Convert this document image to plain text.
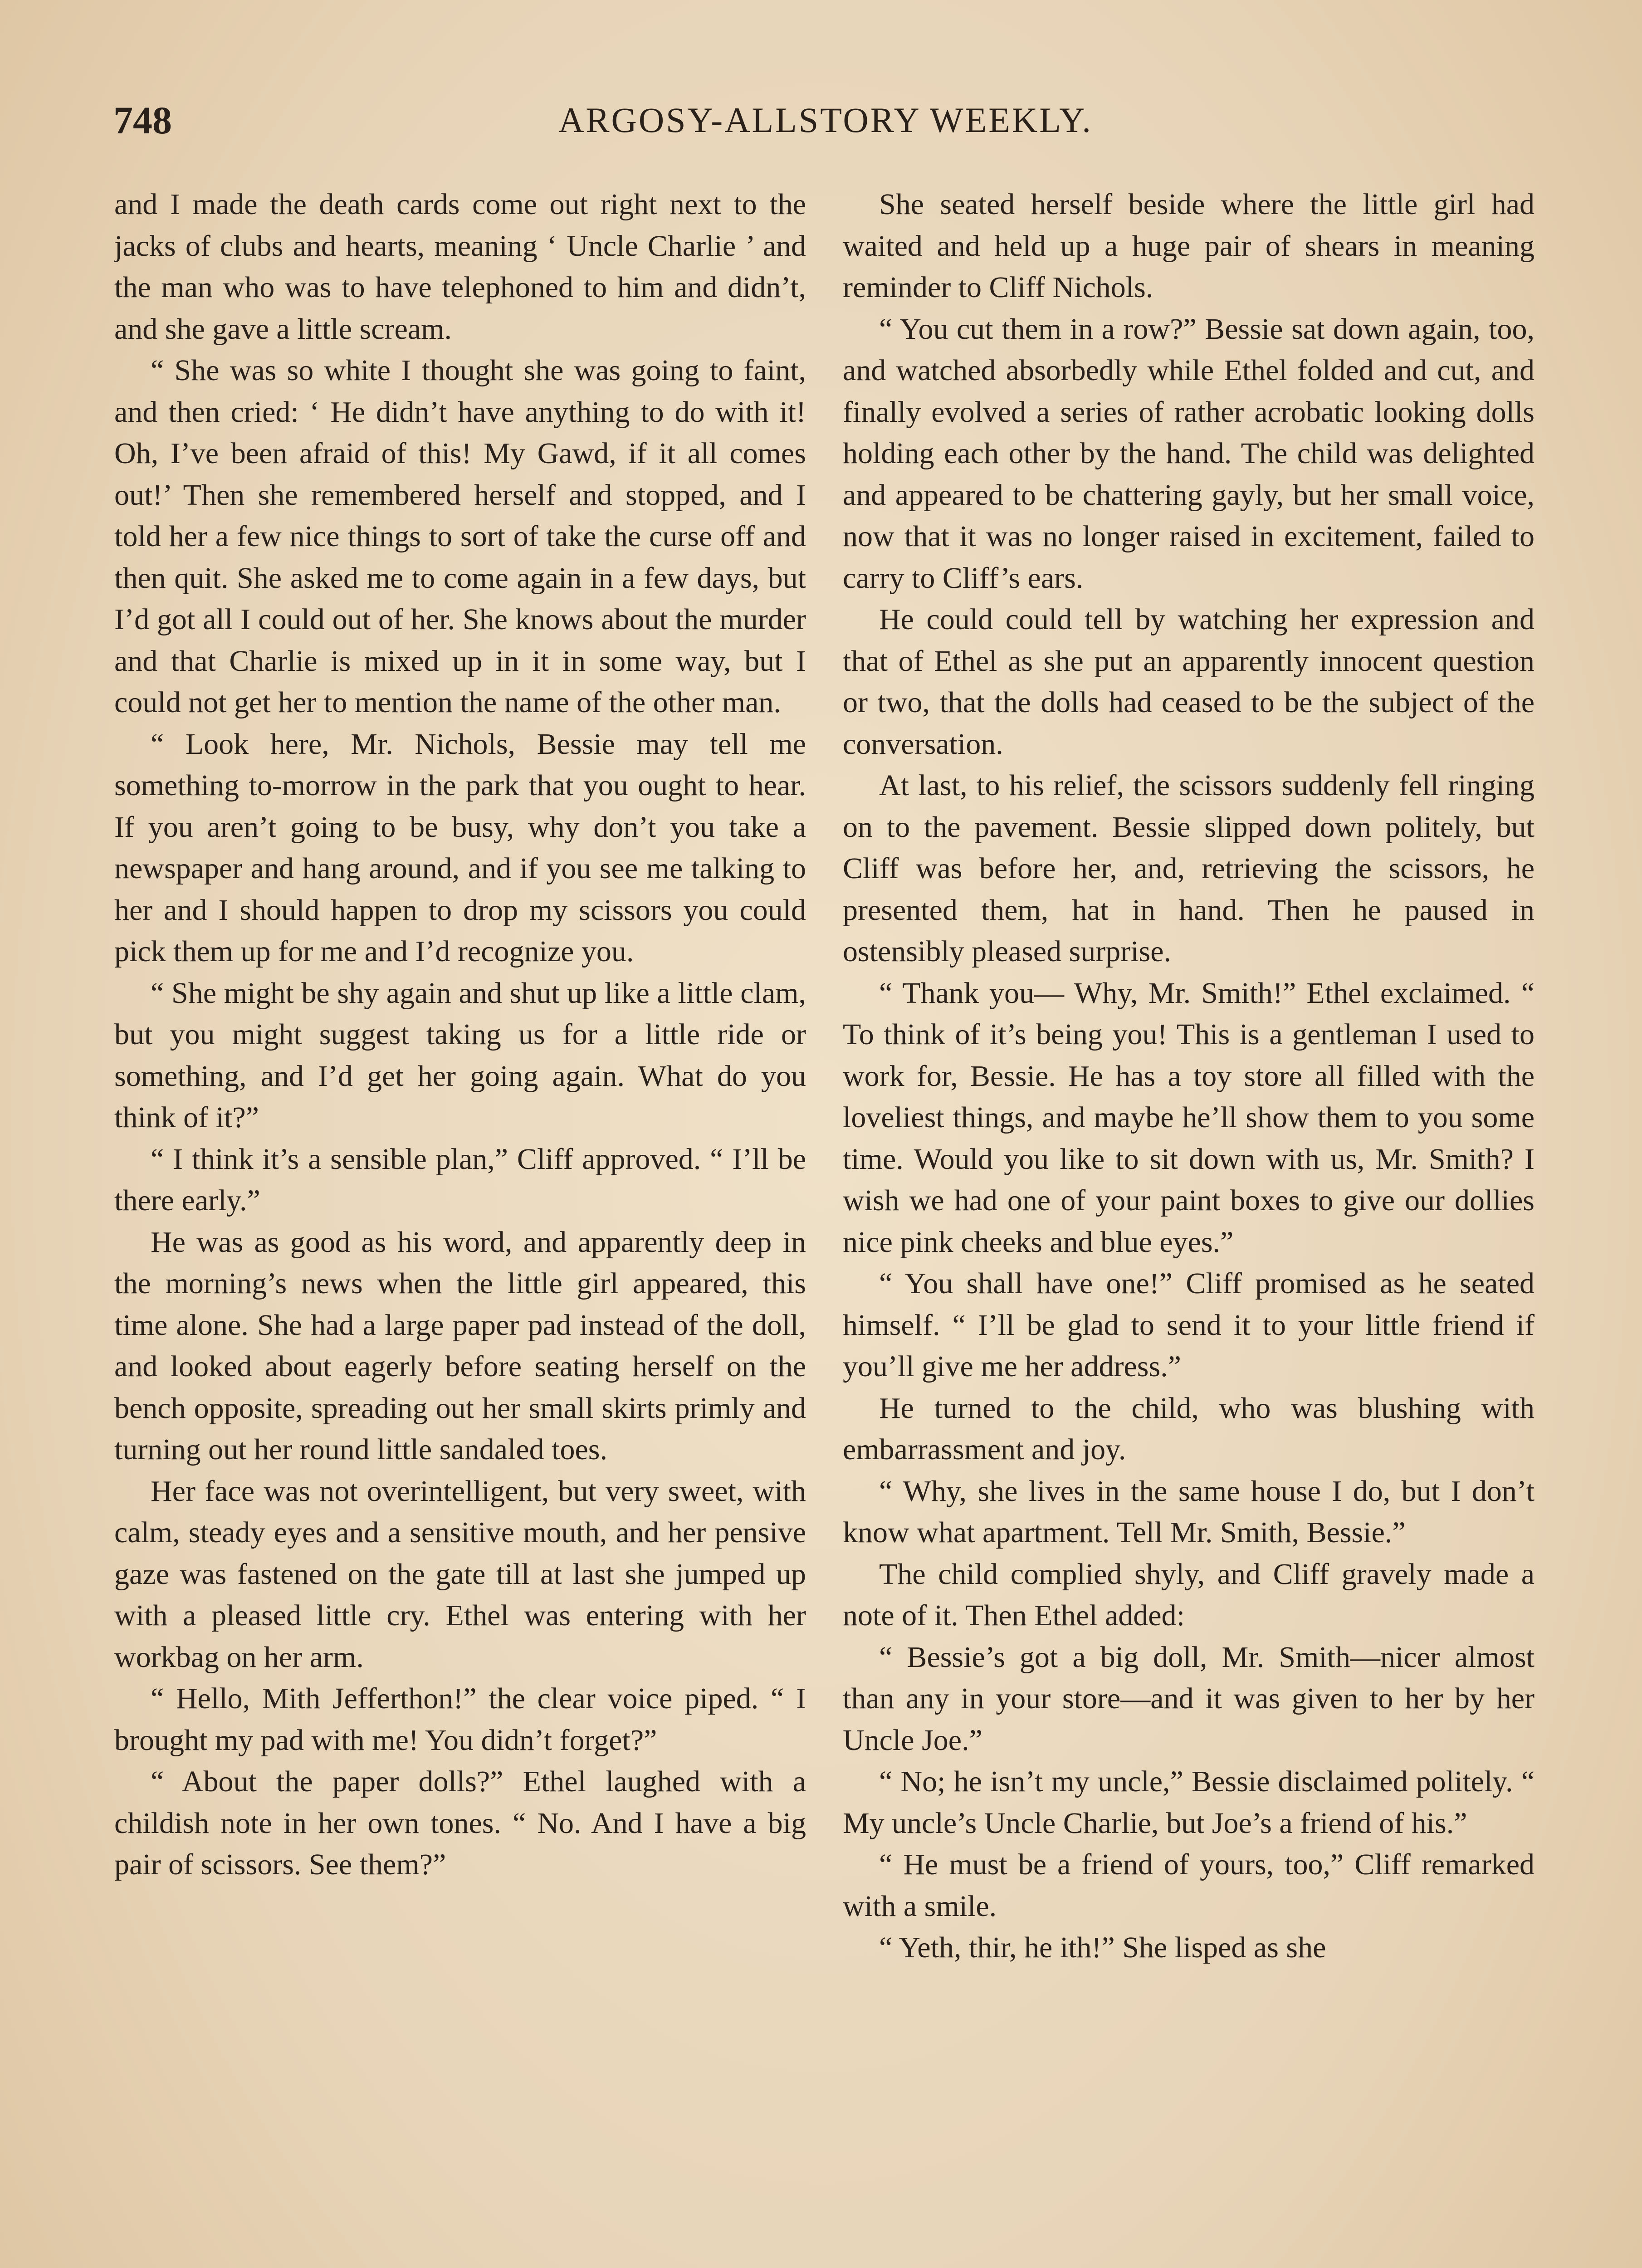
748	ARGOSY-ALLSTORY WEEKLY.

and I made the death cards come out right next to the jacks of clubs and hearts, meaning ‘ Uncle Charlie ’ and the man who was to have telephoned to him and didn’t, and she gave a little scream.

“ She was so white I thought she was going to faint, and then cried: ‘ He didn’t have anything to do with it! Oh, I’ve been afraid of this! My Gawd, if it all comes out!’ Then she remembered herself and stopped, and I told her a few nice things to sort of take the curse off and then quit. She asked me to come again in a few days, but I’d got all I could out of her. She knows about the murder and that Charlie is mixed up in it in some way, but I could not get her to mention the name of the other man.

“ Look here, Mr. Nichols, Bessie may tell me something to-morrow in the park that you ought to hear. If you aren’t going to be busy, why don’t you take a newspaper and hang around, and if you see me talking to her and I should happen to drop my scissors you could pick them up for me and I’d recognize you.

“ She might be shy again and shut up like a little clam, but you might suggest taking us for a little ride or something, and I’d get her going again. What do you think of it?”

“ I think it’s a sensible plan,” Cliff approved. “ I’ll be there early.”

He was as good as his word, and apparently deep in the morning’s news when the little girl appeared, this time alone. She had a large paper pad instead of the doll, and looked about eagerly before seating herself on the bench opposite, spreading out her small skirts primly and turning out her round little sandaled toes.

Her face was not overintelligent, but very sweet, with calm, steady eyes and a sensitive mouth, and her pensive gaze was fastened on the gate till at last she jumped up with a pleased little cry. Ethel was entering with her workbag on her arm.

“ Hello, Mith Jefferthon!” the clear voice piped. “ I brought my pad with me! You didn’t forget?”

“ About the paper dolls?” Ethel laughed with a childish note in her own tones. “ No. And I have a big pair of scissors. See them?”

She seated herself beside where the little girl had waited and held up a huge pair of shears in meaning reminder to Cliff Nichols.

“ You cut them in a row?” Bessie sat down again, too, and watched absorbedly while Ethel folded and cut, and finally evolved a series of rather acrobatic looking dolls holding each other by the hand. The child was delighted and appeared to be chattering gayly, but her small voice, now that it was no longer raised in excitement, failed to carry to Cliff’s ears.

He could could tell by watching her expression and that of Ethel as she put an apparently innocent question or two, that the dolls had ceased to be the subject of the conversation.

At last, to his relief, the scissors suddenly fell ringing on to the pavement. Bessie slipped down politely, but Cliff was before her, and, retrieving the scissors, he presented them, hat in hand. Then he paused in ostensibly pleased surprise.

“ Thank you— Why, Mr. Smith!” Ethel exclaimed. “ To think of it’s being you! This is a gentleman I used to work for, Bessie. He has a toy store all filled with the loveliest things, and maybe he’ll show them to you some time. Would you like to sit down with us, Mr. Smith? I wish we had one of your paint boxes to give our dollies nice pink cheeks and blue eyes.”

“ You shall have one!” Cliff promised as he seated himself. “ I’ll be glad to send it to your little friend if you’ll give me her address.”

He turned to the child, who was blushing with embarrassment and joy.

“ Why, she lives in the same house I do, but I don’t know what apartment. Tell Mr. Smith, Bessie.”

The child complied shyly, and Cliff gravely made a note of it. Then Ethel added:

“ Bessie’s got a big doll, Mr. Smith—nicer almost than any in your store—and it was given to her by her Uncle Joe.”

“ No; he isn’t my uncle,” Bessie disclaimed politely. “ My uncle’s Uncle Charlie, but Joe’s a friend of his.”

“ He must be a friend of yours, too,” Cliff remarked with a smile.

“ Yeth, thir, he ith!” She lisped as she
